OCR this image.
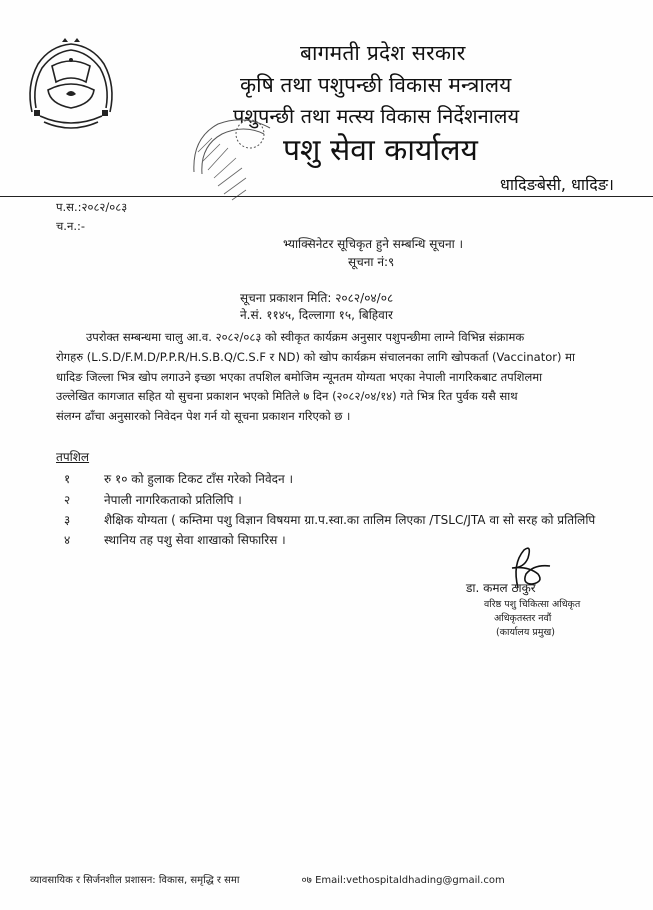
बागमती प्रदेश सरकार
कृषि तथा पशुपन्छी विकास मन्त्रालय
पशुपन्छी तथा मत्स्य विकास निर्देशनालय
पशु सेवा कार्यालय
धादिङबेसी, धादिङ।
प.स.:२०८२/०८३
च.न.:-
भ्याक्सिनेटर सूचिकृत हुने सम्बन्धि सूचना ।
सूचना नं:९
सूचना प्रकाशन मिति: २०८२/०४/०८
ने.सं. ११४५, दिल्लागा १५, बिहिवार
उपरोक्त सम्बन्धमा चालु आ.व. २०८२/०८३ को स्वीकृत कार्यक्रम अनुसार पशुपन्छीमा लाग्ने विभिन्न संक्रामक
रोगहरु (L.S.D/F.M.D/P.P.R/H.S.B.Q/C.S.F र ND) को खोप कार्यक्रम संचालनका लागि खोपकर्ता (Vaccinator) मा
धादिङ जिल्ला भित्र खोप लगाउने इच्छा भएका तपशिल बमोजिम न्यूनतम योग्यता भएका नेपाली नागरिकबाट तपशिलमा
उल्लेखित कागजात सहित यो सुचना प्रकाशन भएको मितिले ७ दिन (२०८२/०४/१४) गते भित्र रित पुर्वक यसै साथ
संलग्न ढाँचा अनुसारको निवेदन पेश गर्न यो सूचना प्रकाशन गरिएको छ ।
तपशिल
१	रु १० को हुलाक टिकट टाँस गरेको निवेदन ।
२	नेपाली नागरिकताको प्रतिलिपि ।
३	शैक्षिक योग्यता ( कम्तिमा पशु विज्ञान विषयमा ग्रा.प.स्वा.का तालिम लिएका /TSLC/JTA वा सो सरह को प्रतिलिपि
४	स्थानिय तह पशु सेवा शाखाको सिफारिस ।
डा. कमल ठाकुर
वरिष्ठ पशु चिकित्सा अधिकृत
अधिकृतस्तर नवौं
(कार्यालय प्रमुख)
व्यावसायिक र सिर्जनशील प्रशासन: विकास, समृद्धि र समा	०७ Email:vethospitaldhading@gmail.com
